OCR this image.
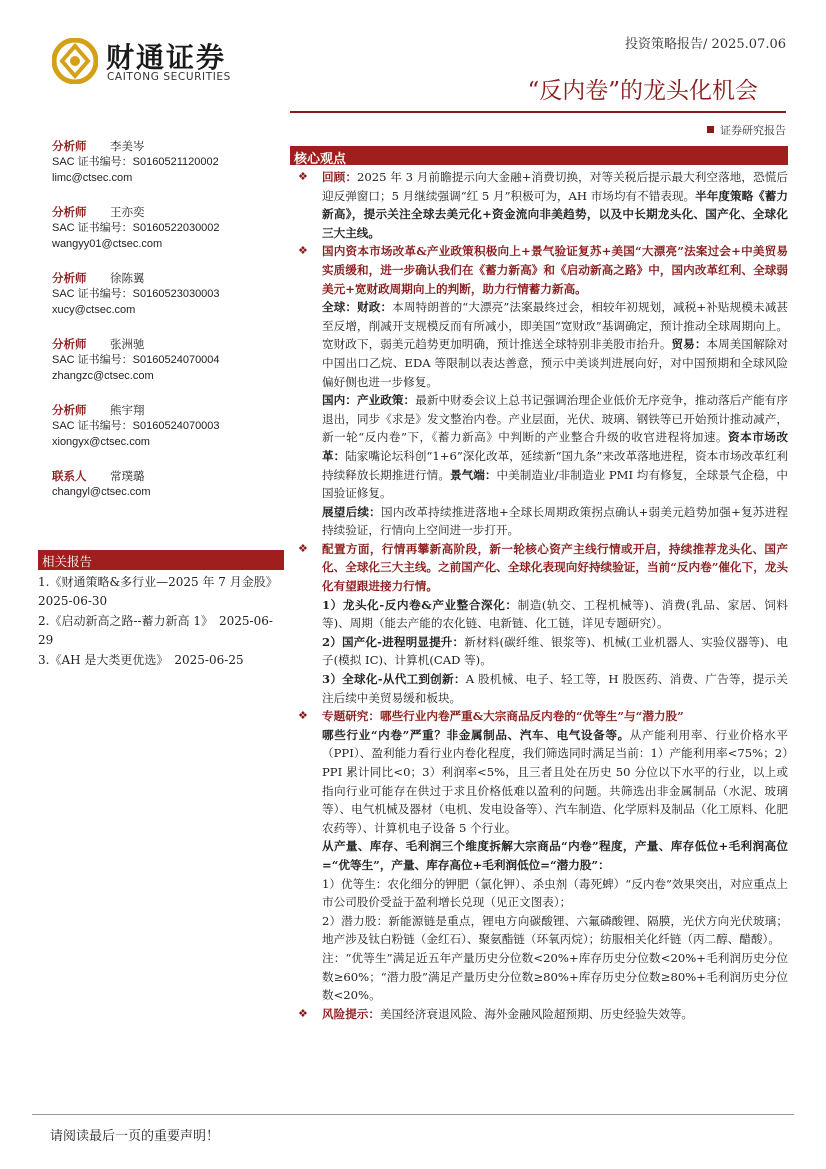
财通证券
CAITONG SECURITIES
投资策略报告/ 2025.07.06
“反内卷”的龙头化机会
证券研究报告
分析师 李美岑
SAC 证书编号：S0160521120002
limc@ctsec.com
分析师 王亦奕
SAC 证书编号：S0160522030002
wangyy01@ctsec.com
分析师 徐陈翼
SAC 证书编号：S0160523030003
xucy@ctsec.com
分析师 张洲驰
SAC 证书编号：S0160524070004
zhangzc@ctsec.com
分析师 熊宇翔
SAC 证书编号：S0160524070003
xiongyx@ctsec.com
联系人 常璞璐
changyl@ctsec.com
相关报告
1.《财通策略&多行业—2025 年 7 月金股》　2025-06-30
2.《启动新高之路--蓄力新高 1》　2025-06-29
3.《AH 是大类更优选》　2025-06-25
核心观点

❖ 回顾：2025 年 3 月前瞻提示向大金融+消费切换，对等关税后提示最大利空落地，恐慌后迎反弹窗口；5 月继续强调“红 5 月”积极可为，AH 市场均有不错表现。半年度策略《蓄力新高》，提示关注全球去美元化+资金流向非美趋势，以及中长期龙头化、国产化、全球化三大主线。

❖ 国内资本市场改革&产业政策积极向上+景气验证复苏+美国“大漂亮”法案过会+中美贸易实质缓和，进一步确认我们在《蓄力新高》和《启动新高之路》中，国内改革红利、全球弱美元+宽财政周期向上的判断，助力行情蓄力新高。

全球：财政：本周特朗普的“大漂亮”法案最终过会，相较年初规划，减税+补贴规模未减甚至反增，削减开支规模反而有所减小，即美国“宽财政”基调确定，预计推动全球周期向上。宽财政下，弱美元趋势更加明确，预计推送全球特别非美股市抬升。贸易：本周美国解除对中国出口乙烷、EDA 等限制以表达善意，预示中美谈判进展向好，对中国预期和全球风险偏好侧也进一步修复。

国内：产业政策：最新中财委会议上总书记强调治理企业低价无序竞争，推动落后产能有序退出，同步《求是》发文整治内卷。产业层面，光伏、玻璃、钢铁等已开始预计推动减产，新一轮“反内卷”下，《蓄力新高》中判断的产业整合升级的收官进程将加速。资本市场改革：陆家嘴论坛科创“1+6”深化改革，延续新“国九条”来改革落地进程，资本市场改革红利持续释放长期推进行情。景气端：中美制造业/非制造业 PMI 均有修复，全球景气企稳，中国验证修复。

展望后续：国内改革持续推进落地+全球长周期政策拐点确认+弱美元趋势加强+复苏进程持续验证，行情向上空间进一步打开。

❖ 配置方面，行情再攀新高阶段，新一轮核心资产主线行情或开启，持续推荐龙头化、国产化、全球化三大主线。之前国产化、全球化表现向好持续验证，当前“反内卷”催化下，龙头化有望跟进接力行情。

1）龙头化-反内卷&产业整合深化：制造(轨交、工程机械等)、消费(乳品、家居、饲料等)、周期（能去产能的农化链、电新链、化工链，详见专题研究）。

2）国产化-进程明显提升：新材料(碳纤维、银浆等)、机械(工业机器人、实验仪器等)、电子(模拟 IC)、计算机(CAD 等)。

3）全球化-从代工到创新：A 股机械、电子、轻工等，H 股医药、消费、广告等，提示关注后续中美贸易缓和板块。

❖ 专题研究：哪些行业内卷严重&大宗商品反内卷的“优等生”与“潜力股”

哪些行业“内卷”严重？非金属制品、汽车、电气设备等。从产能利用率、行业价格水平（PPI）、盈利能力看行业内卷化程度，我们筛选同时满足当前：1）产能利用率<75%；2）PPI 累计同比<0；3）利润率<5%，且三者且处在历史 50 分位以下水平的行业，以上或指向行业可能存在供过于求且价格低难以盈利的问题。共筛选出非金属制品（水泥、玻璃等）、电气机械及器材（电机、发电设备等）、汽车制造、化学原料及制品（化工原料、化肥农药等）、计算机电子设备 5 个行业。

从产量、库存、毛利润三个维度拆解大宗商品“内卷”程度，产量、库存低位+毛利润高位=“优等生”，产量、库存高位+毛利润低位=“潜力股”：

1）优等生：农化细分的钾肥（氯化钾）、杀虫剂（毒死蜱）“反内卷”效果突出，对应重点上市公司股价受益于盈利增长兑现（见正文图表）；

2）潜力股：新能源链是重点，锂电方向碳酸锂、六氟磷酸锂、隔膜，光伏方向光伏玻璃；地产涉及钛白粉链（金红石）、聚氨酯链（环氧丙烷）；纺服相关化纤链（丙二醇、醋酸）。

注：“优等生”满足近五年产量历史分位数<20%+库存历史分位数<20%+毛利润历史分位数≥60%；“潜力股”满足产量历史分位数≥80%+库存历史分位数≥80%+毛利润历史分位数<20%。

❖ 风险提示：美国经济衰退风险、海外金融风险超预期、历史经验失效等。

请阅读最后一页的重要声明！
